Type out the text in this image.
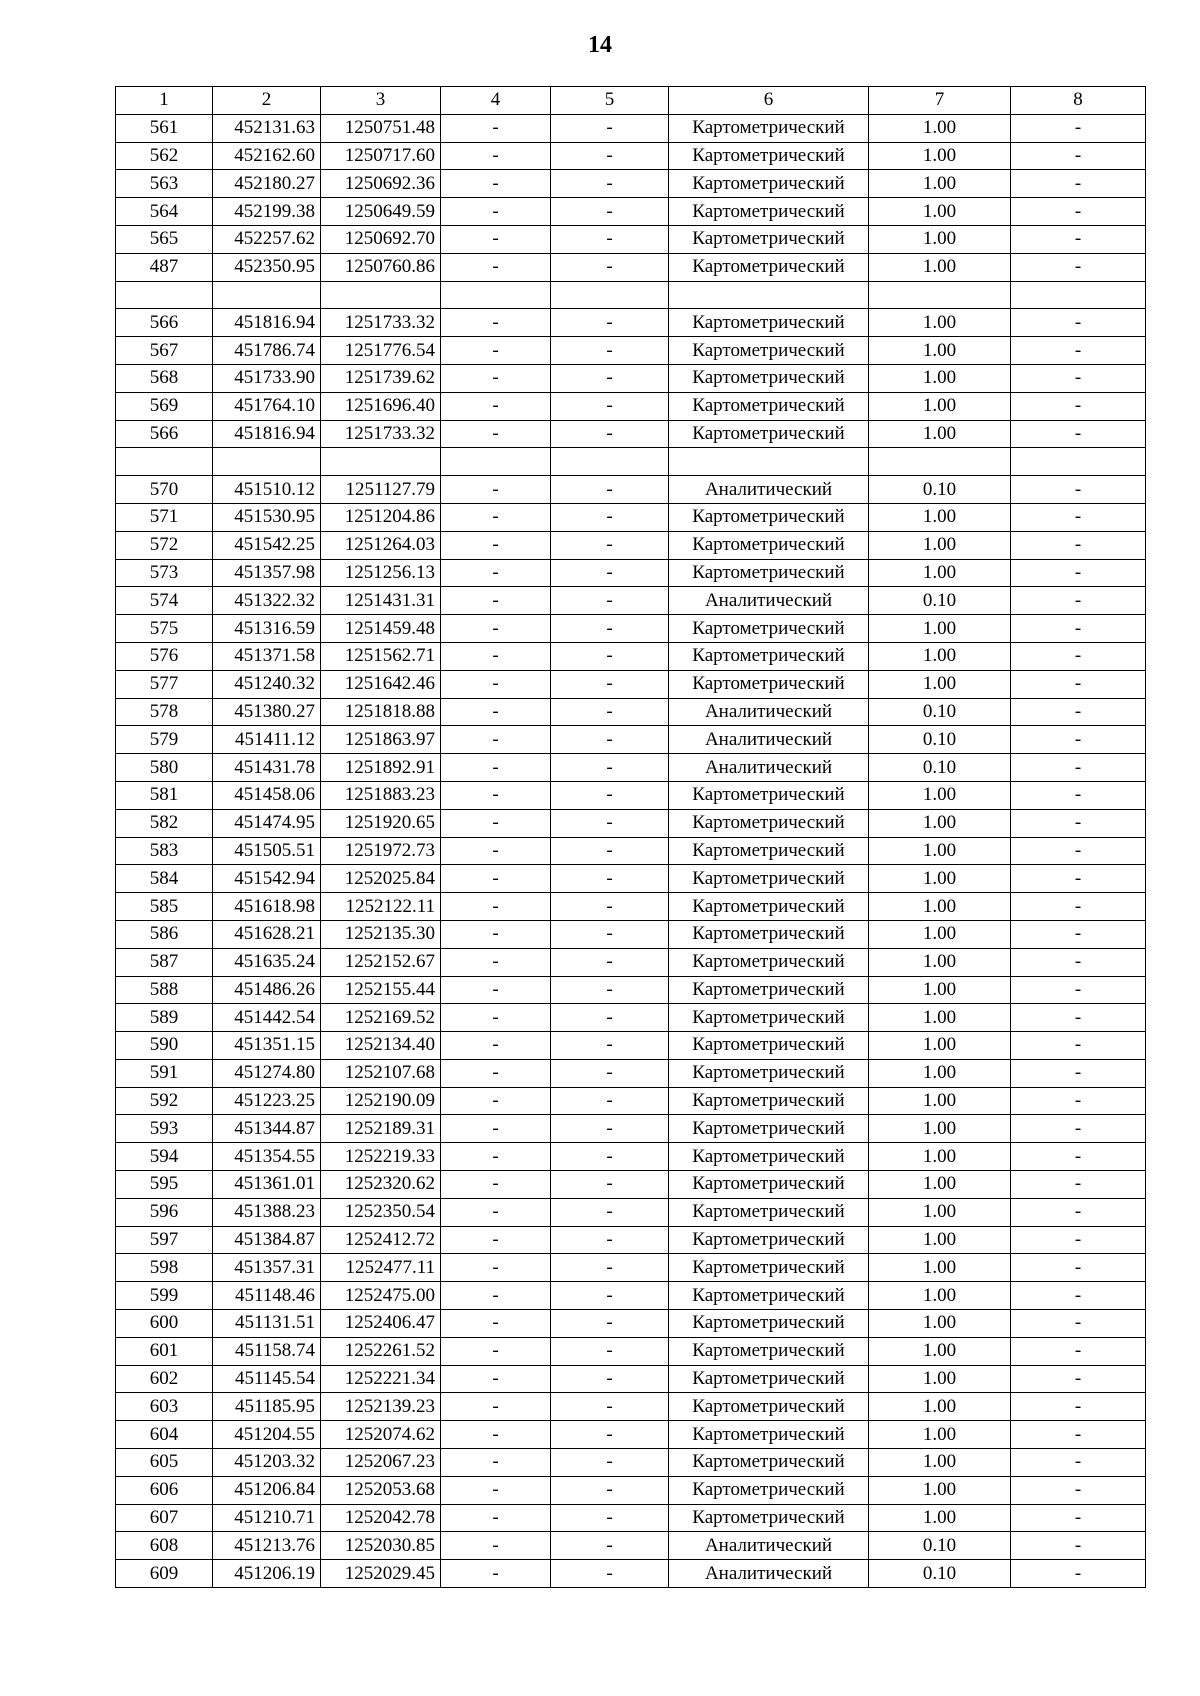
14
1	2	3	4	5	6	7	8
561	452131.63	1250751.48	-	-	Картометрический	1.00	-
562	452162.60	1250717.60	-	-	Картометрический	1.00	-
563	452180.27	1250692.36	-	-	Картометрический	1.00	-
564	452199.38	1250649.59	-	-	Картометрический	1.00	-
565	452257.62	1250692.70	-	-	Картометрический	1.00	-
487	452350.95	1250760.86	-	-	Картометрический	1.00	-

566	451816.94	1251733.32	-	-	Картометрический	1.00	-
567	451786.74	1251776.54	-	-	Картометрический	1.00	-
568	451733.90	1251739.62	-	-	Картометрический	1.00	-
569	451764.10	1251696.40	-	-	Картометрический	1.00	-
566	451816.94	1251733.32	-	-	Картометрический	1.00	-

570	451510.12	1251127.79	-	-	Аналитический	0.10	-
571	451530.95	1251204.86	-	-	Картометрический	1.00	-
572	451542.25	1251264.03	-	-	Картометрический	1.00	-
573	451357.98	1251256.13	-	-	Картометрический	1.00	-
574	451322.32	1251431.31	-	-	Аналитический	0.10	-
575	451316.59	1251459.48	-	-	Картометрический	1.00	-
576	451371.58	1251562.71	-	-	Картометрический	1.00	-
577	451240.32	1251642.46	-	-	Картометрический	1.00	-
578	451380.27	1251818.88	-	-	Аналитический	0.10	-
579	451411.12	1251863.97	-	-	Аналитический	0.10	-
580	451431.78	1251892.91	-	-	Аналитический	0.10	-
581	451458.06	1251883.23	-	-	Картометрический	1.00	-
582	451474.95	1251920.65	-	-	Картометрический	1.00	-
583	451505.51	1251972.73	-	-	Картометрический	1.00	-
584	451542.94	1252025.84	-	-	Картометрический	1.00	-
585	451618.98	1252122.11	-	-	Картометрический	1.00	-
586	451628.21	1252135.30	-	-	Картометрический	1.00	-
587	451635.24	1252152.67	-	-	Картометрический	1.00	-
588	451486.26	1252155.44	-	-	Картометрический	1.00	-
589	451442.54	1252169.52	-	-	Картометрический	1.00	-
590	451351.15	1252134.40	-	-	Картометрический	1.00	-
591	451274.80	1252107.68	-	-	Картометрический	1.00	-
592	451223.25	1252190.09	-	-	Картометрический	1.00	-
593	451344.87	1252189.31	-	-	Картометрический	1.00	-
594	451354.55	1252219.33	-	-	Картометрический	1.00	-
595	451361.01	1252320.62	-	-	Картометрический	1.00	-
596	451388.23	1252350.54	-	-	Картометрический	1.00	-
597	451384.87	1252412.72	-	-	Картометрический	1.00	-
598	451357.31	1252477.11	-	-	Картометрический	1.00	-
599	451148.46	1252475.00	-	-	Картометрический	1.00	-
600	451131.51	1252406.47	-	-	Картометрический	1.00	-
601	451158.74	1252261.52	-	-	Картометрический	1.00	-
602	451145.54	1252221.34	-	-	Картометрический	1.00	-
603	451185.95	1252139.23	-	-	Картометрический	1.00	-
604	451204.55	1252074.62	-	-	Картометрический	1.00	-
605	451203.32	1252067.23	-	-	Картометрический	1.00	-
606	451206.84	1252053.68	-	-	Картометрический	1.00	-
607	451210.71	1252042.78	-	-	Картометрический	1.00	-
608	451213.76	1252030.85	-	-	Аналитический	0.10	-
609	451206.19	1252029.45	-	-	Аналитический	0.10	-
